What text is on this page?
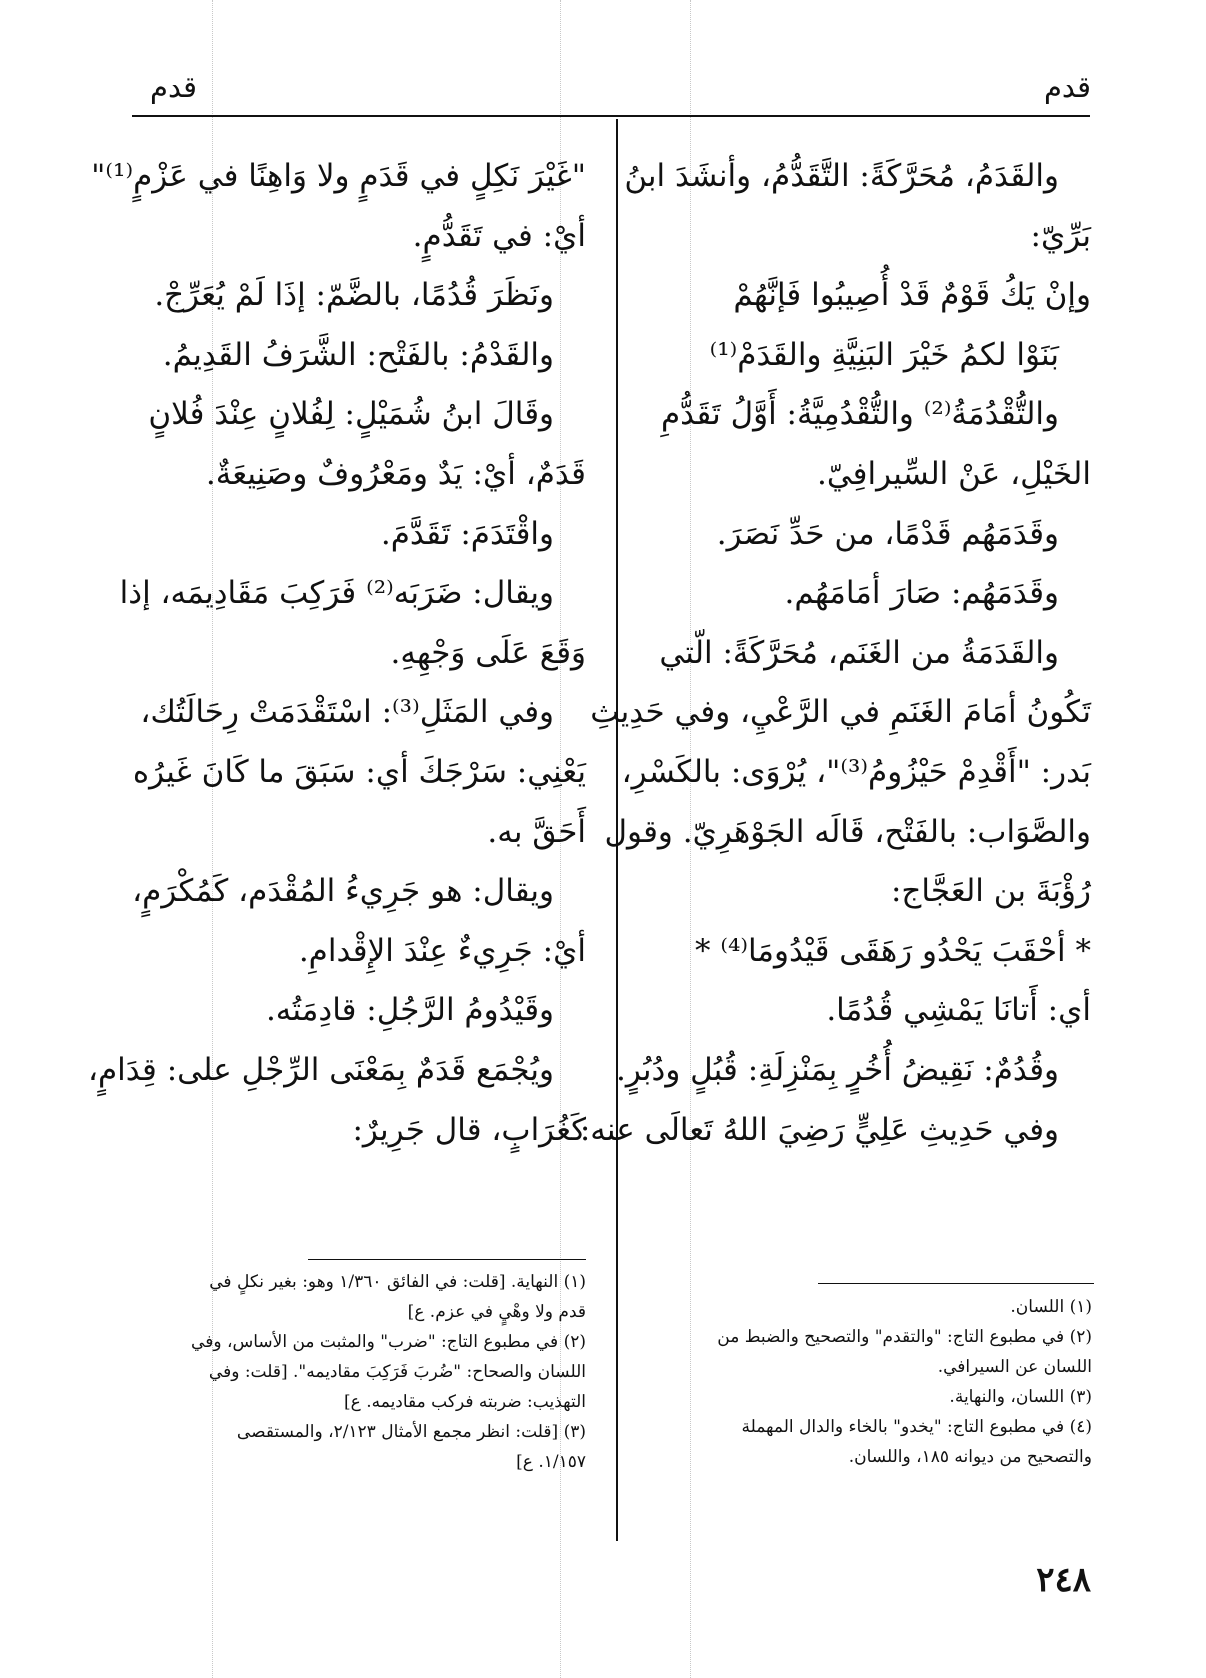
قدم
قدم
والقَدَمُ، مُحَرَّكَةً: التَّقَدُّمُ، وأنشَدَ ابنُ
بَرِّيّ:
وإنْ يَكُ قَوْمٌ قَدْ أُصِيبُوا فَإنَّهُمْ
بَنَوْا لكمُ خَيْرَ البَنِيَّةِ والقَدَمْ⁽¹⁾
والتُّقْدُمَةُ⁽²⁾ والتُّقْدُمِيَّةُ: أَوَّلُ تَقَدُّمِ
الخَيْلِ، عَنْ السِّيرافِيّ.
وقَدَمَهُم قَدْمًا، من حَدِّ نَصَرَ.
وقَدَمَهُم: صَارَ أمَامَهُم.
والقَدَمَةُ من الغَنَم، مُحَرَّكَةً: الّتي
تَكُونُ أمَامَ الغَنَمِ في الرَّعْيِ، وفي حَدِيثِ
بَدر: "أَقْدِمْ حَيْزُومُ⁽³⁾"، يُرْوَى: بالكَسْرِ،
والصَّوَاب: بالفَتْح، قَالَه الجَوْهَرِيّ. وقول
رُؤْبَةَ بن العَجَّاج:
* أحْقَبَ يَحْدُو رَهَقَى قَيْدُومَا⁽⁴⁾ *
أي: أَتانَا يَمْشِي قُدُمًا.
وقُدُمٌ: نَقِيضُ أُخُرٍ بِمَنْزِلَةِ: قُبُلٍ ودُبُرٍ.
وفي حَدِيثِ عَلِيٍّ رَضِيَ اللهُ تَعالَى عنه:
"غَيْرَ نَكِلٍ في قَدَمٍ ولا وَاهِنًا في عَزْمٍ⁽¹⁾"
أيْ: في تَقَدُّمٍ.
ونَظَرَ قُدُمًا، بالضَّمّ: إذَا لَمْ يُعَرِّجْ.
والقَدْمُ: بالفَتْح: الشَّرَفُ القَدِيمُ.
وقَالَ ابنُ شُمَيْلٍ: لِفُلانٍ عِنْدَ فُلانٍ
قَدَمٌ، أيْ: يَدٌ ومَعْرُوفٌ وصَنِيعَةٌ.
واقْتَدَمَ: تَقَدَّمَ.
ويقال: ضَرَبَه⁽²⁾ فَرَكِبَ مَقَادِيمَه، إذا
وَقَعَ عَلَى وَجْهِهِ.
وفي المَثَلِ⁽³⁾: اسْتَقْدَمَتْ رِحَالَتُك،
يَعْنِي: سَرْجَكَ أي: سَبَقَ ما كَانَ غَيرُه
أَحَقَّ به.
ويقال: هو جَرِيءُ المُقْدَم، كَمُكْرَمٍ،
أيْ: جَرِيءٌ عِنْدَ الإِقْدامِ.
وقَيْدُومُ الرَّجُلِ: قادِمَتُه.
ويُجْمَع قَدَمٌ بِمَعْنَى الرِّجْلِ على: قِدَامٍ،
كَغُرَابٍ، قال جَرِيرٌ:
(١) اللسان.
(٢) في مطبوع التاج: "والتقدم" والتصحيح والضبط من
اللسان عن السيرافي.
(٣) اللسان، والنهاية.
(٤) في مطبوع التاج: "يخدو" بالخاء والدال المهملة
والتصحيح من ديوانه ١٨٥، واللسان.
(١) النهاية. [قلت: في الفائق ١/٣٦٠ وهو: بغير نكلٍ في
قدم ولا وهْيٍ في عزم. ع]
(٢) في مطبوع التاج: "ضرب" والمثبت من الأساس، وفي
اللسان والصحاح: "ضُربَ فَرَكِبَ مقاديمه". [قلت: وفي
التهذيب: ضربته فركب مقاديمه. ع]
(٣) [قلت: انظر مجمع الأمثال ٢/١٢٣، والمستقصى
١/١٥٧. ع]
٢٤٨
